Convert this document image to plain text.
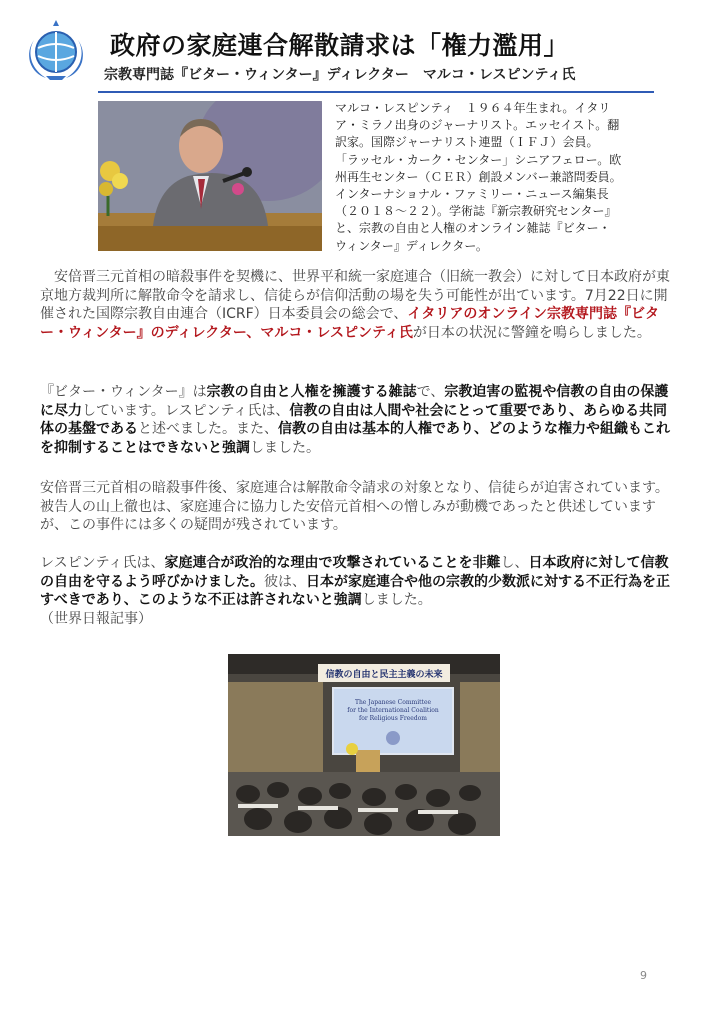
政府の家庭連合解散請求は「権力濫用」
宗教専門誌『ビター・ウィンター』ディレクター　マルコ・レスピンティ氏

マルコ・レスピンティ　１９６４年生まれ。イタリ

ア・ミラノ出身のジャーナリスト。エッセイスト。翻

訳家。国際ジャーナリスト連盟（ＩＦＪ）会員。

「ラッセル・カーク・センター」シニアフェロー。欧

州再生センター（ＣＥＲ）創設メンバー兼諮問委員。

インターナショナル・ファミリー・ニュース編集長

（２０１８～２２）。学術誌『新宗教研究センター』

と、宗教の自由と人権のオンライン雑誌『ビター・

ウィンター』ディレクター。

　安倍晋三元首相の暗殺事件を契機に、世界平和統一家庭連合（旧統一教会）に対して日本政府が東京地方裁判所に解散命令を請求し、信徒らが信仰活動の場を失う可能性が出ています。7月22日に開催された国際宗教自由連合（ICRF）日本委員会の総会で、イタリアのオンライン宗教専門誌『ビター・ウィンター』のディレクター、マルコ・レスピンティ氏が日本の状況に警鐘を鳴らしました。
『ビター・ウィンター』は宗教の自由と人権を擁護する雑誌で、宗教迫害の監視や信教の自由の保護に尽力しています。レスピンティ氏は、信教の自由は人間や社会にとって重要であり、あらゆる共同体の基盤であると述べました。また、信教の自由は基本的人権であり、どのような権力や組織もこれを抑制することはできないと強調しました。
安倍晋三元首相の暗殺事件後、家庭連合は解散命令請求の対象となり、信徒らが迫害されています。被告人の山上徹也は、家庭連合に協力した安倍元首相への憎しみが動機であったと供述していますが、この事件には多くの疑問が残されています。
レスピンティ氏は、家庭連合が政治的な理由で攻撃されていることを非難し、日本政府に対して信教の自由を守るよう呼びかけました。彼は、日本が家庭連合や他の宗教的少数派に対する不正行為を正すべきであり、このような不正は許されないと強調しました。
（世界日報記事）
信教の自由と民主主義の未来
The Japanese Committee
for the International Coalition
for Religious Freedom
9
